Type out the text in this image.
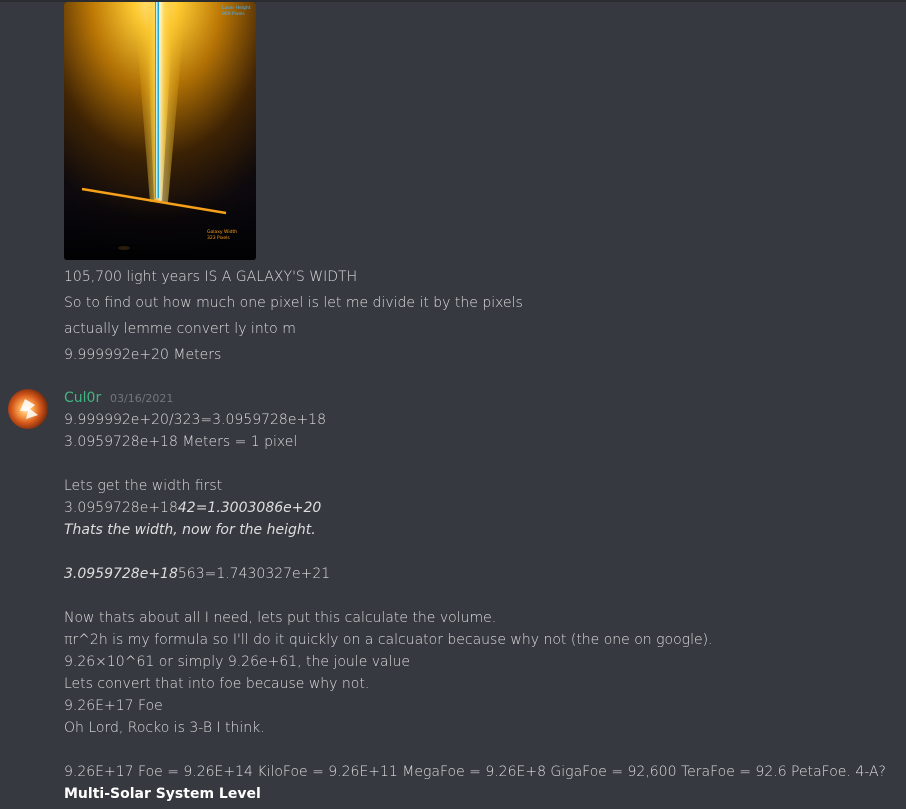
Laser Height
969 Pixels
Galaxy Width
323 Pixels
105,700 light years IS A GALAXY'S WIDTH
So to find out how much one pixel is let me divide it by the pixels
actually lemme convert ly into m
9.999992e+20 Meters
Cul0r 03/16/2021
9.999992e+20/323=3.0959728e+18
3.0959728e+18 Meters = 1 pixel
Lets get the width first
3.0959728e+1842=1.3003086e+20
Thats the width, now for the height.
3.0959728e+18563=1.7430327e+21
Now thats about all I need, lets put this calculate the volume.
πr^2h is my formula so I'll do it quickly on a calcuator because why not (the one on google).
9.26×10^61 or simply 9.26e+61, the joule value
Lets convert that into foe because why not.
9.26E+17 Foe
Oh Lord, Rocko is 3-B I think.
9.26E+17 Foe = 9.26E+14 KiloFoe = 9.26E+11 MegaFoe = 9.26E+8 GigaFoe = 92,600 TeraFoe = 92.6 PetaFoe. 4-A?
Multi-Solar System Level
